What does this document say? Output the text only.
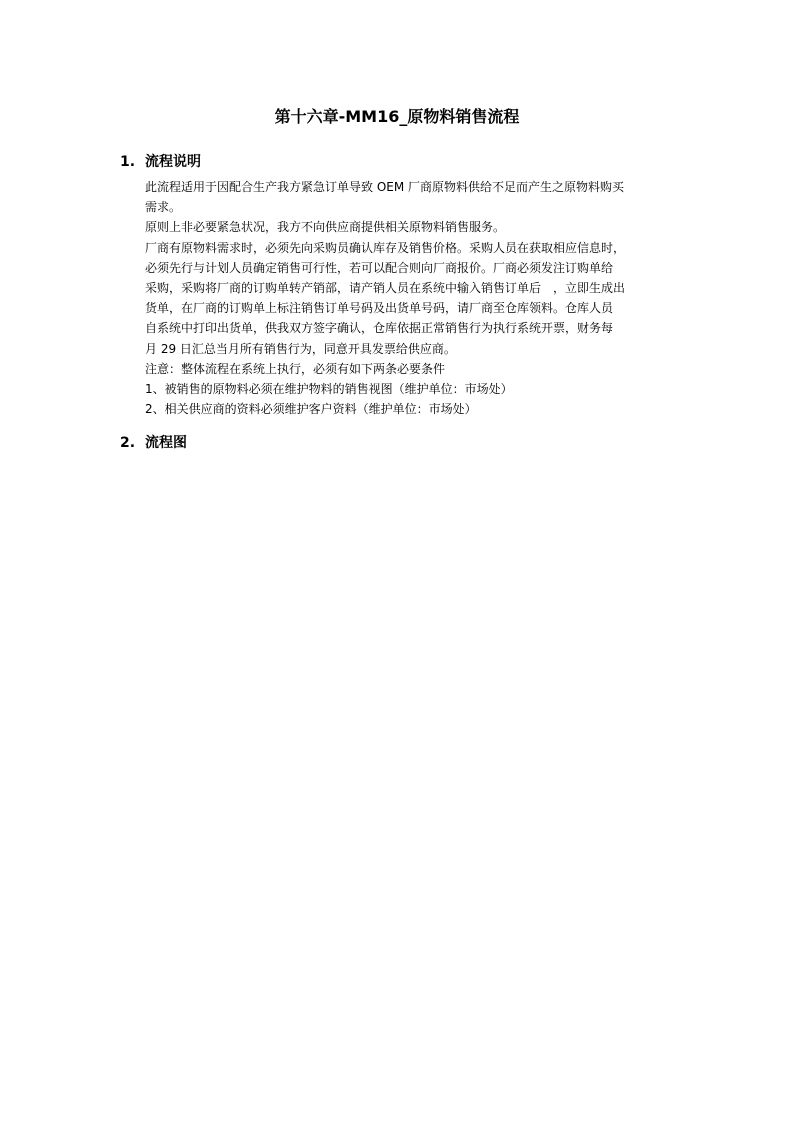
第十六章-MM16_原物料销售流程
1. 流程说明

此流程适用于因配合生产我方紧急订单导致 OEM 厂商原物料供给不足而产生之原物料购买

需求。

原则上非必要紧急状况，我方不向供应商提供相关原物料销售服务。

厂商有原物料需求时，必须先向采购员确认库存及销售价格。采购人员在获取相应信息时，

必须先行与计划人员确定销售可行性，若可以配合则向厂商报价。厂商必须发注订购单给

采购，采购将厂商的订购单转产销部，请产销人员在系统中输入销售订单后　，立即生成出

货单，在厂商的订购单上标注销售订单号码及出货单号码，请厂商至仓库领料。仓库人员

自系统中打印出货单，供我双方签字确认，仓库依据正常销售行为执行系统开票，财务每

月 29 日汇总当月所有销售行为，同意开具发票给供应商。

注意：整体流程在系统上执行，必须有如下两条必要条件

1、被销售的原物料必须在维护物料的销售视图（维护单位：市场处）

2、相关供应商的资料必须维护客户资料（维护单位：市场处）

2. 流程图
